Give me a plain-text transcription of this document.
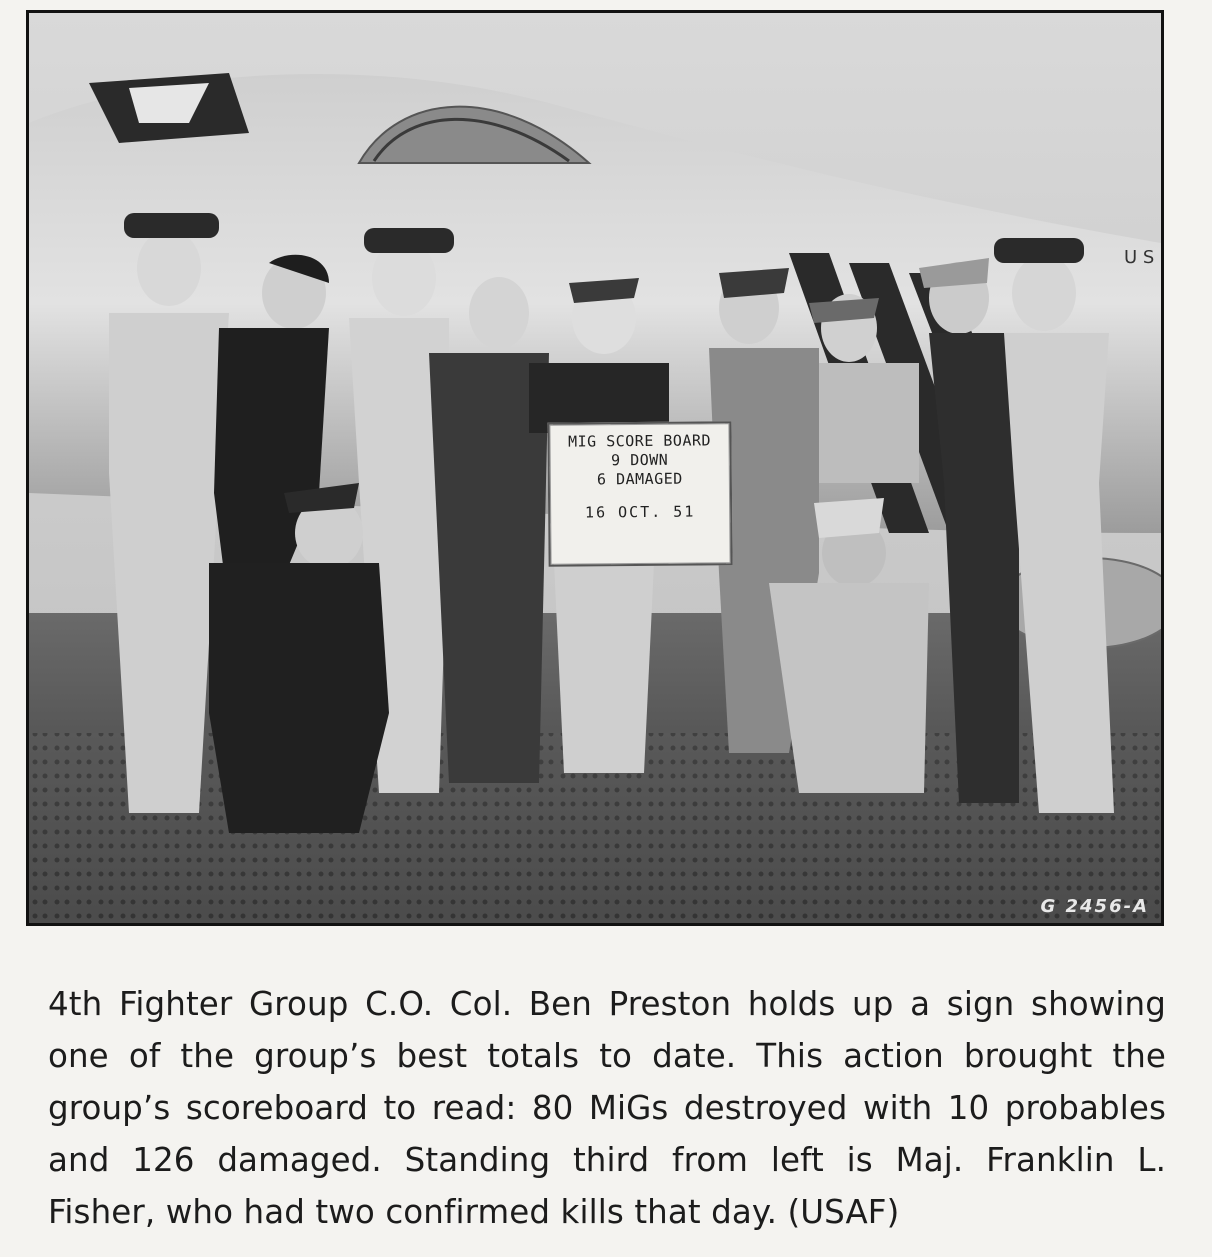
U S
MIG SCORE BOARD
9 DOWN
6 DAMAGED
16 OCT. 51
G 2456-A
4th Fighter Group C.O. Col. Ben Preston holds up a sign showing
one of the group’s best totals to date. This action brought the
group’s scoreboard to read: 80 MiGs destroyed with 10 probables
and 126 damaged. Standing third from left is Maj. Franklin L.
Fisher, who had two confirmed kills that day. (USAF)
